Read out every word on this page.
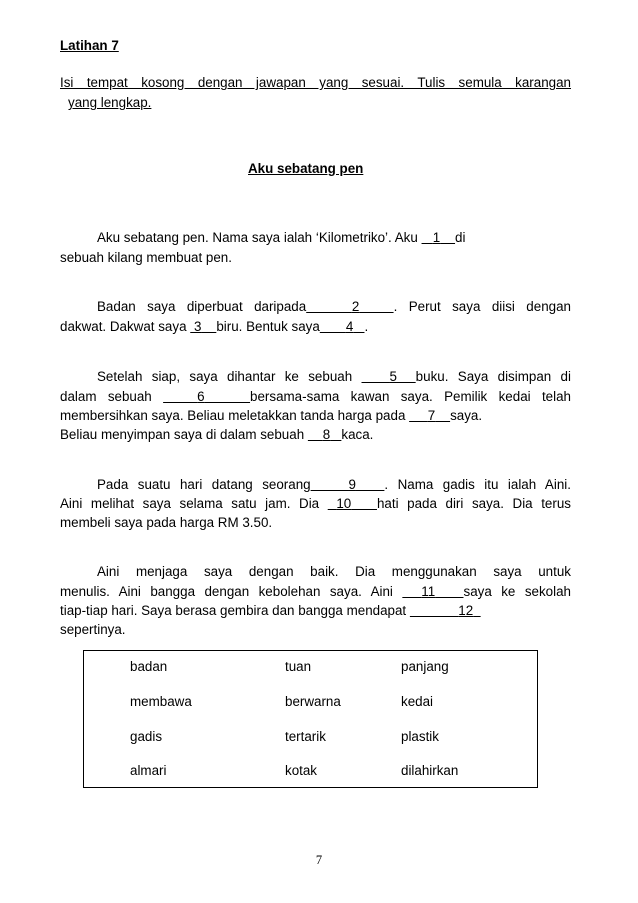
Latihan 7
Isi tempat kosong dengan jawapan yang sesuai. Tulis semula karangan
yang lengkap.
Aku sebatang pen
Aku sebatang pen. Nama saya ialah ‘Kilometriko’. Aku    1 di
sebuah kilang membuat pen.
Badan saya diperbuat daripada	2	. Perut saya diisi dengan
dakwat. Dakwat saya  3 biru. Bentuk saya 4 .
Setelah siap, saya dihantar ke sebuah    5 buku. Saya disimpan di
dalam sebuah	6	bersama-sama kawan saya. Pemilik kedai telah
membersihkan saya. Beliau meletakkan tanda harga pada      7 saya.
Beliau menyimpan saya di dalam sebuah     8 kaca.
Pada suatu hari datang seorang	9 . Nama gadis itu ialah Aini.
Aini melihat saya selama satu jam. Dia  10 hati pada diri saya. Dia terus
membeli saya pada harga RM 3.50.
Aini menjaga saya dengan baik. Dia menggunakan saya untuk
menulis. Aini bangga dengan kebolehan saya. Aini   11 saya ke sekolah
tiap-tiap hari. Saya berasa gembira dan bangga mendapat	12
sepertinya.
badan	tuan	panjang
membawa	berwarna	kedai
gadis	tertarik	plastik
almari	kotak	dilahirkan
7
